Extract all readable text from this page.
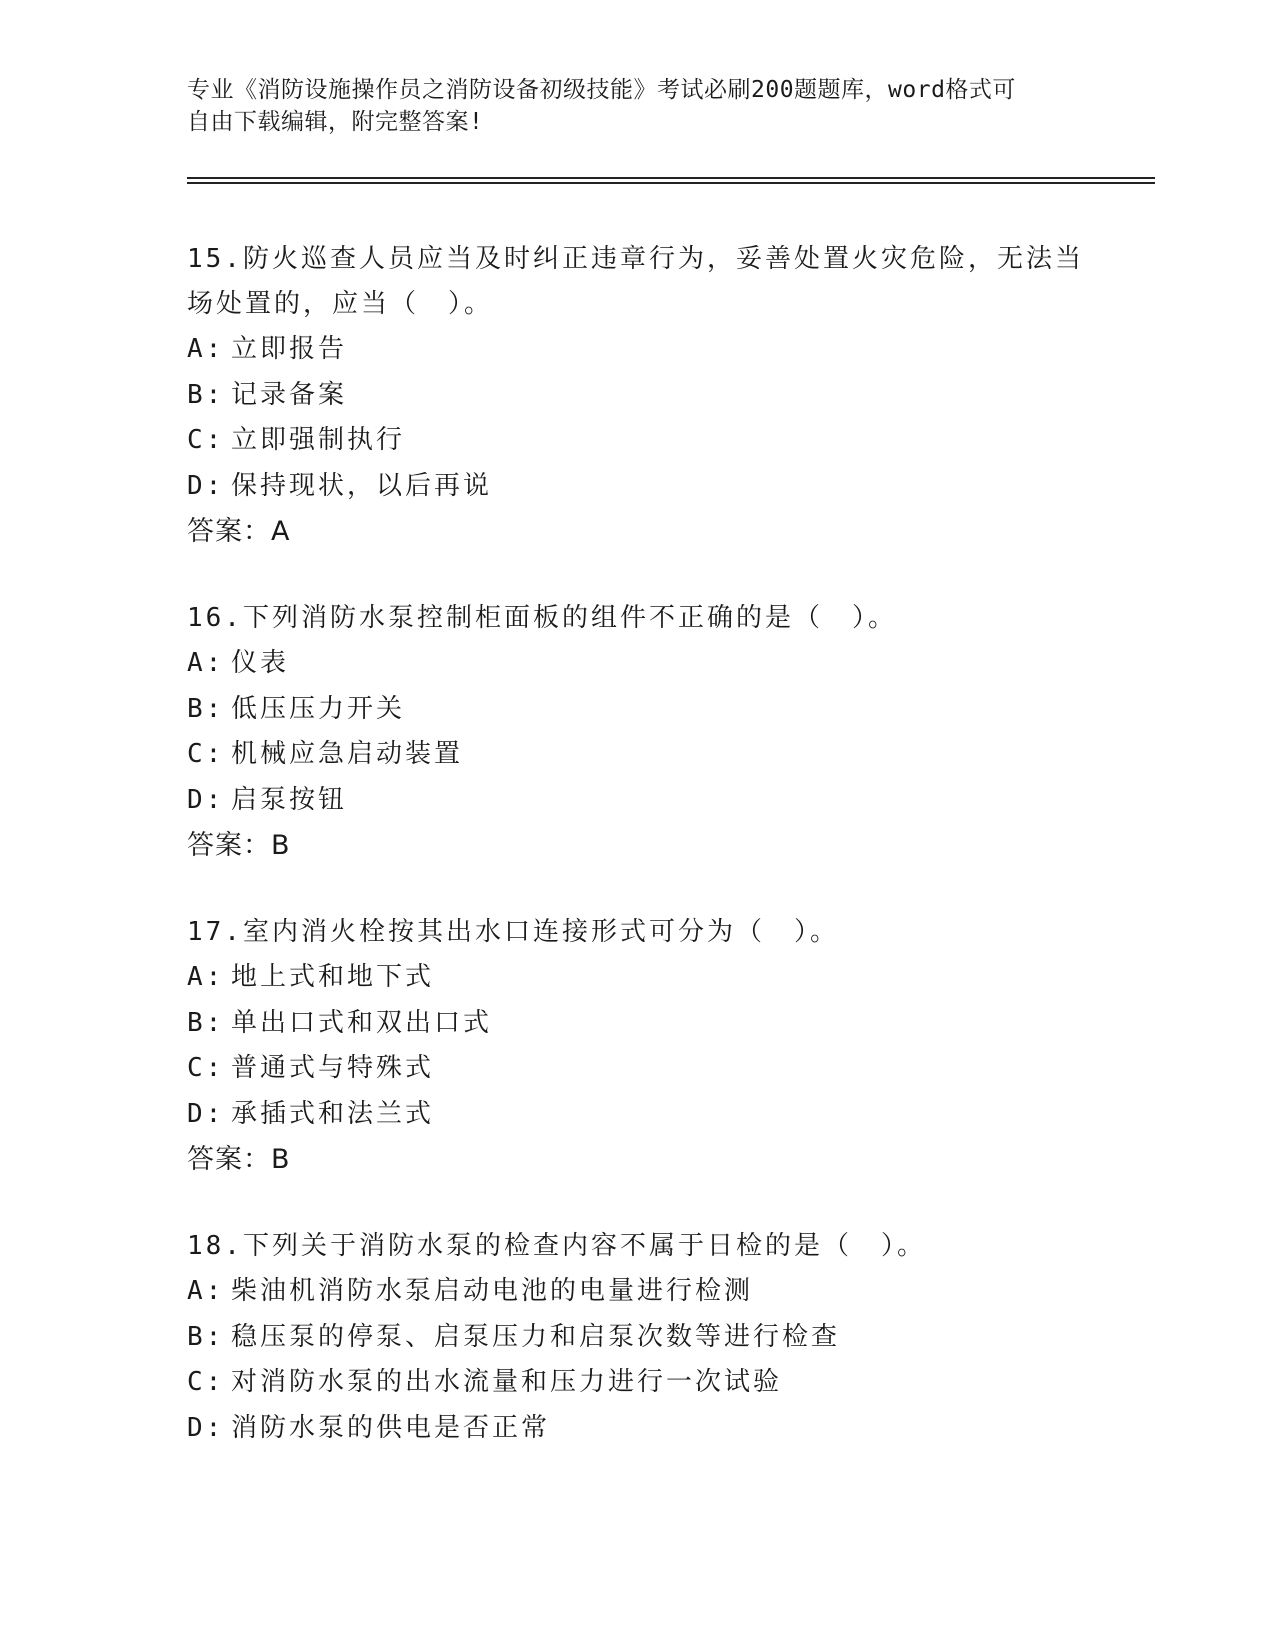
专业《消防设施操作员之消防设备初级技能》考试必刷200题题库，word格式可
自由下载编辑，附完整答案!
15.防火巡查人员应当及时纠正违章行为，妥善处置火灾危险，无法当
场处置的，应当（　）。
A: 立即报告
B: 记录备案
C: 立即强制执行
D: 保持现状，以后再说
答案：A
16.下列消防水泵控制柜面板的组件不正确的是（　）。
A: 仪表
B: 低压压力开关
C: 机械应急启动装置
D: 启泵按钮
答案：B
17.室内消火栓按其出水口连接形式可分为（　）。
A: 地上式和地下式
B: 单出口式和双出口式
C: 普通式与特殊式
D: 承插式和法兰式
答案：B
18.下列关于消防水泵的检查内容不属于日检的是（　）。
A: 柴油机消防水泵启动电池的电量进行检测
B: 稳压泵的停泵、启泵压力和启泵次数等进行检查
C: 对消防水泵的出水流量和压力进行一次试验
D: 消防水泵的供电是否正常
